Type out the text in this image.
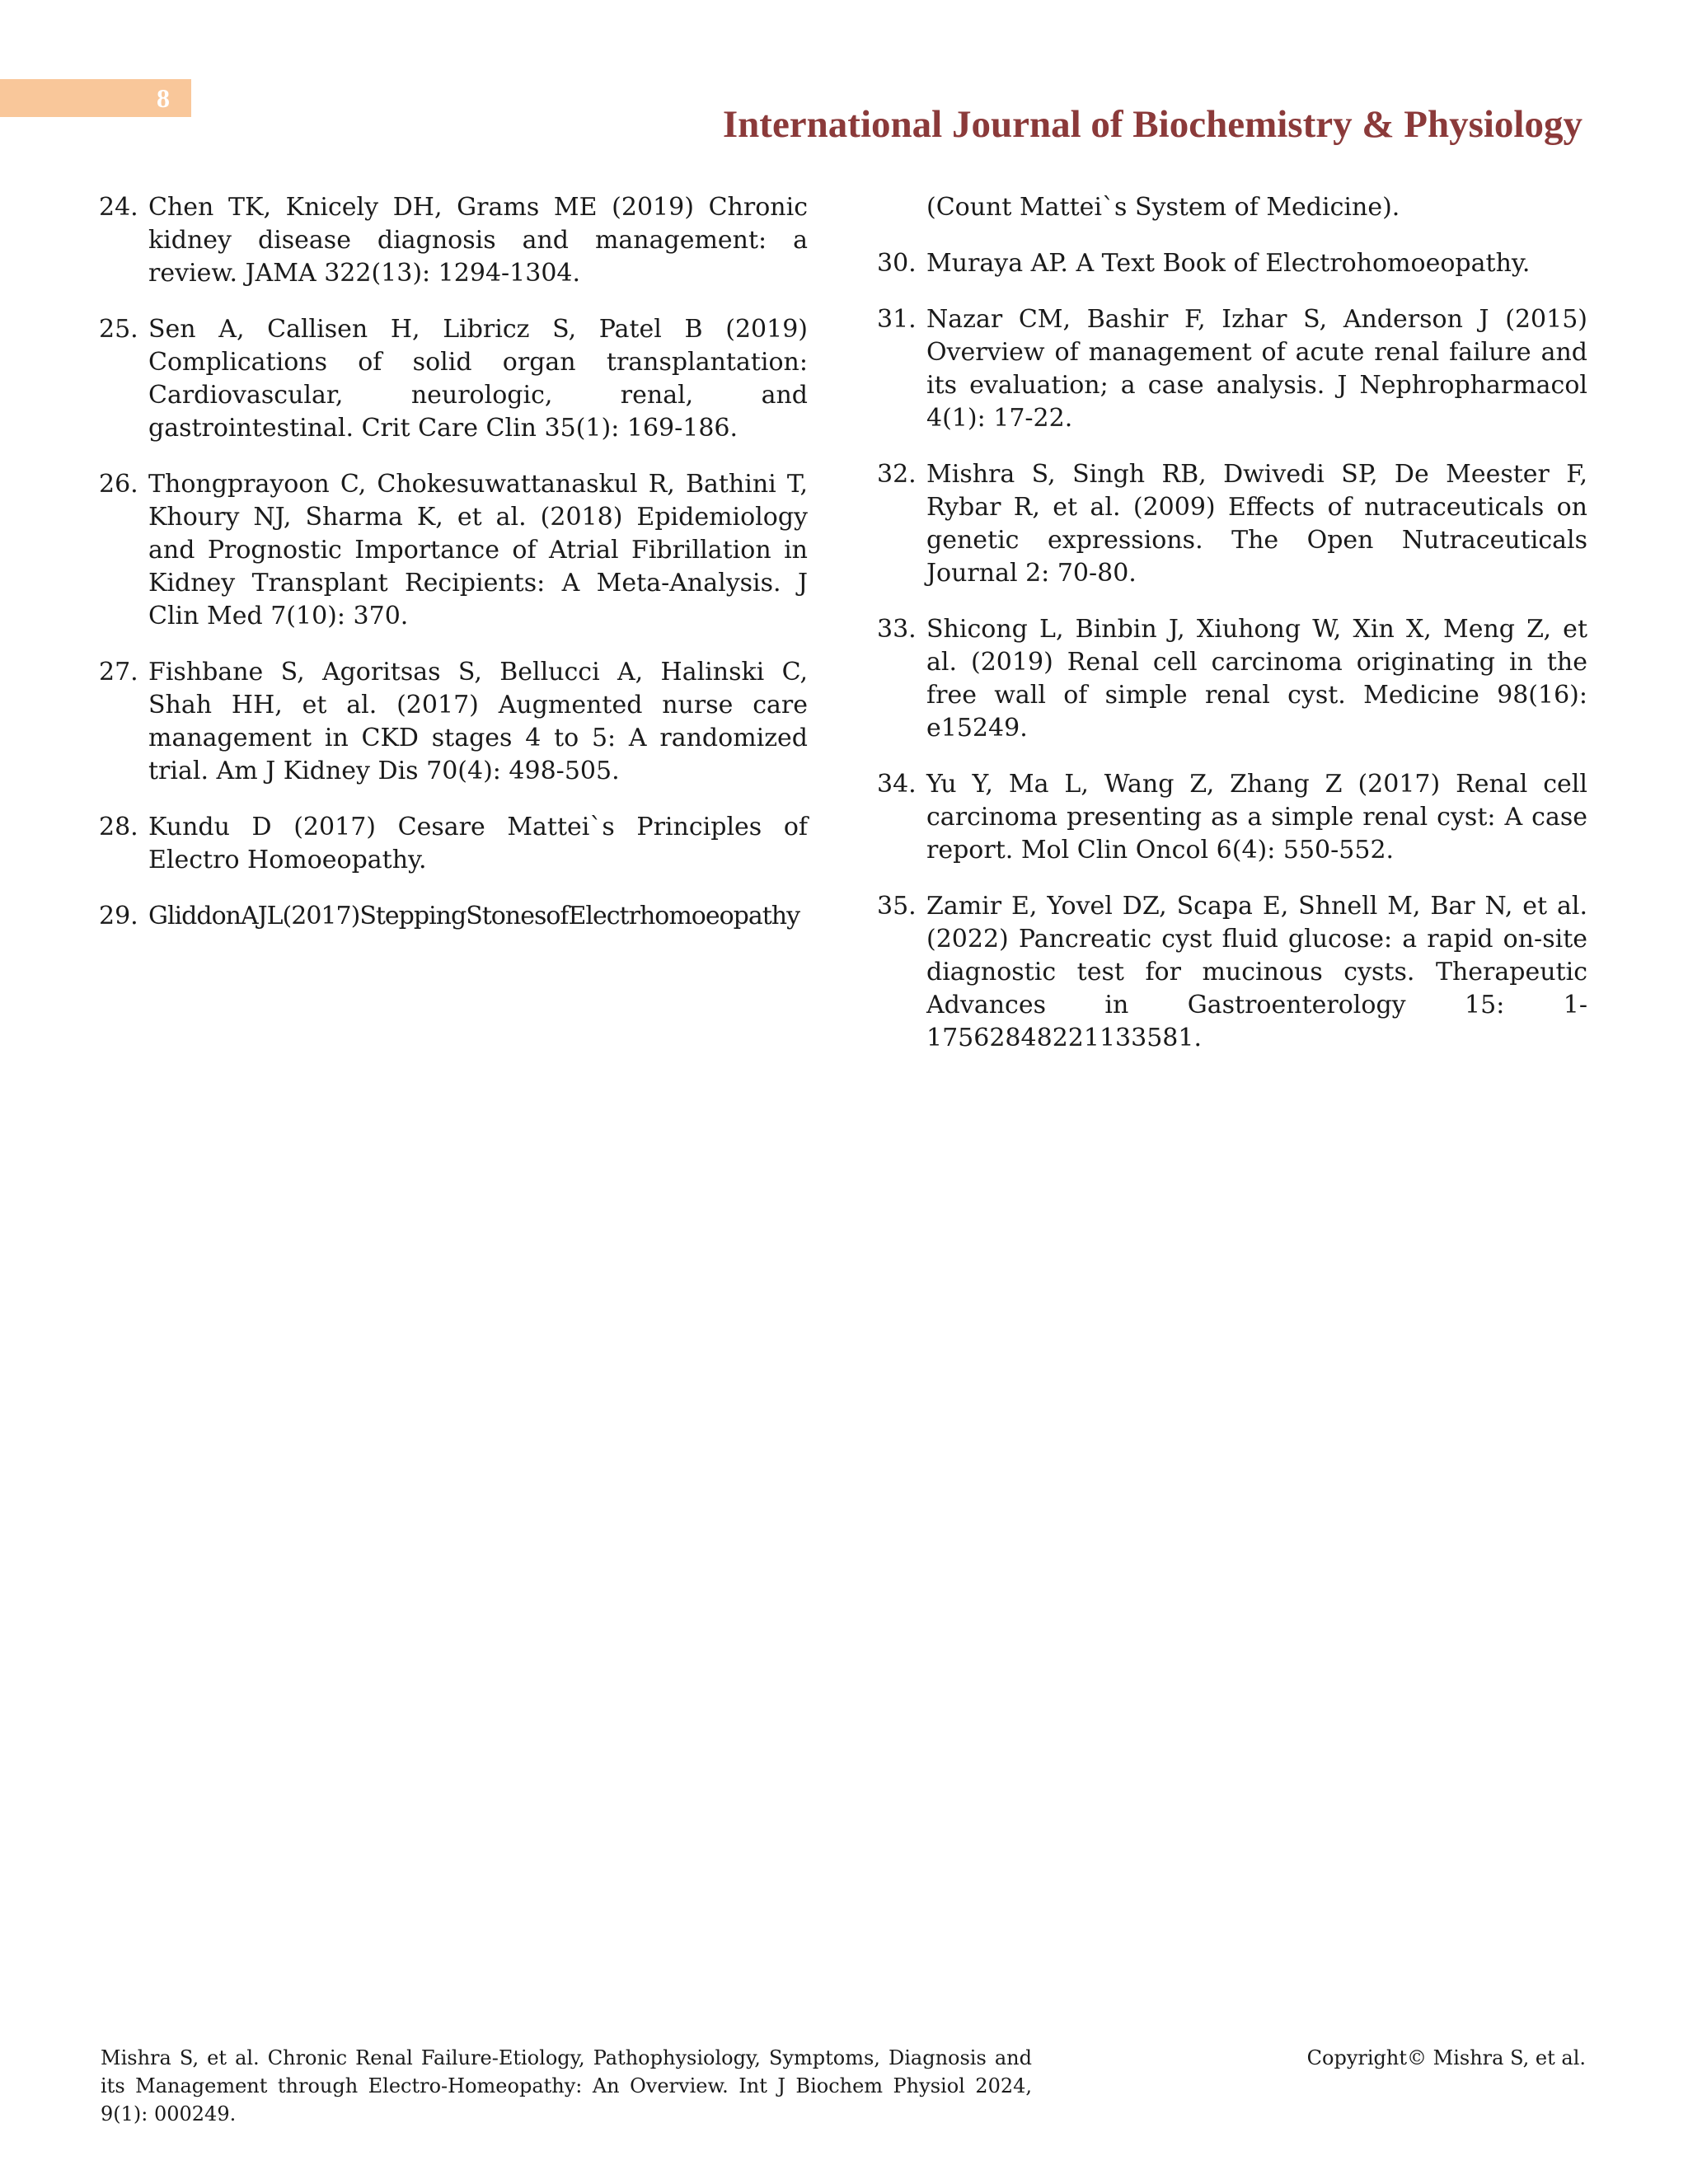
8
International Journal of Biochemistry & Physiology
24. Chen TK, Knicely DH, Grams ME (2019) Chronic kidney disease diagnosis and management: a review. JAMA 322(13): 1294-1304.
25. Sen A, Callisen H, Libricz S, Patel B (2019) Complications of solid organ transplantation: Cardiovascular, neurologic, renal, and gastrointestinal. Crit Care Clin 35(1): 169-186.
26. Thongprayoon C, Chokesuwattanaskul R, Bathini T, Khoury NJ, Sharma K, et al. (2018) Epidemiology and Prognostic Importance of Atrial Fibrillation in Kidney Transplant Recipients: A Meta-Analysis. J Clin Med 7(10): 370.
27. Fishbane S, Agoritsas S, Bellucci A, Halinski C, Shah HH, et al. (2017) Augmented nurse care management in CKD stages 4 to 5: A randomized trial. Am J Kidney Dis 70(4): 498-505.
28. Kundu D (2017) Cesare Mattei`s Principles of Electro Homoeopathy.
29. GliddonAJL(2017)SteppingStonesofElectrhomoeopathy
(Count Mattei`s System of Medicine).
30. Muraya AP. A Text Book of Electrohomoeopathy.
31. Nazar CM, Bashir F, Izhar S, Anderson J (2015) Overview of management of acute renal failure and its evaluation; a case analysis. J Nephropharmacol 4(1): 17-22.
32. Mishra S, Singh RB, Dwivedi SP, De Meester F, Rybar R, et al. (2009) Effects of nutraceuticals on genetic expressions. The Open Nutraceuticals Journal 2: 70-80.
33. Shicong L, Binbin J, Xiuhong W, Xin X, Meng Z, et al. (2019) Renal cell carcinoma originating in the free wall of simple renal cyst. Medicine 98(16): e15249.
34. Yu Y, Ma L, Wang Z, Zhang Z (2017) Renal cell carcinoma presenting as a simple renal cyst: A case report. Mol Clin Oncol 6(4): 550-552.
35. Zamir E, Yovel DZ, Scapa E, Shnell M, Bar N, et al. (2022) Pancreatic cyst fluid glucose: a rapid on-site diagnostic test for mucinous cysts. Therapeutic Advances in Gastroenterology 15: 1-17562848221133581.
Mishra S, et al. Chronic Renal Failure-Etiology, Pathophysiology, Symptoms, Diagnosis and its Management through Electro-Homeopathy: An Overview. Int J Biochem Physiol 2024, 9(1): 000249.
Copyright© Mishra S, et al.
